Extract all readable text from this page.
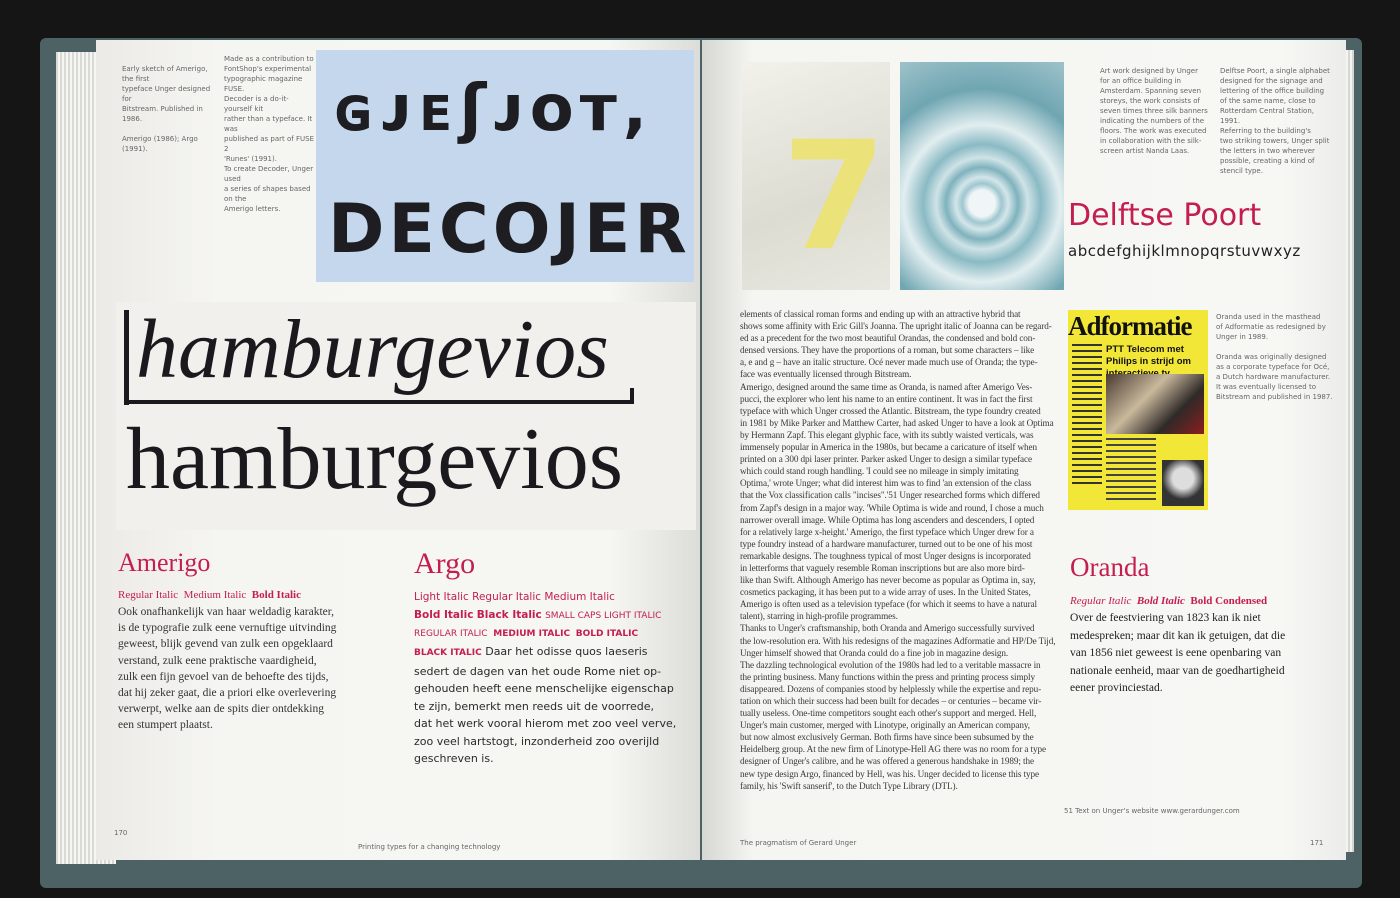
Early sketch of Amerigo, the first
typeface Unger designed for
Bitstream. Published in 1986.

Amerigo (1986); Argo (1991).
Made as a contribution to
FontShop's experimental
typographic magazine FUSE.
Decoder is a do-it-yourself kit
rather than a typeface. It was
published as part of FUSE 2
'Runes' (1991).
To create Decoder, Unger used
a series of shapes based on the
Amerigo letters.
ɢᴊᴇʃᴊᴏᴛ,
DECOJER
hamburgevios
hamburgevios
Amerigo
Regular Italic Medium Italic Bold Italic
Ook onafhankelijk van haar weldadig karakter,
is de typografie zulk eene vernuftige uitvinding
geweest, blijk gevend van zulk een opgeklaard
verstand, zulk eene praktische vaardigheid,
zulk een fijn gevoel van de behoefte des tijds,
dat hij zeker gaat, die a priori elke overlevering
verwerpt, welke aan de spits dier ontdekking
een stumpert plaatst.
Argo
Light Italic Regular Italic Medium Italic
Bold Italic Black Italic SMALL CAPS LIGHT ITALIC
REGULAR ITALIC MEDIUM ITALIC BOLD ITALIC
BLACK ITALIC Daar het odisse quos laeseris
sedert de dagen van het oude Rome niet op-
gehouden heeft eene menschelijke eigenschap
te zijn, bemerkt men reeds uit de voorrede,
dat het werk vooral hierom met zoo veel verve,
zoo veel hartstogt, inzonderheid zoo overijld
geschreven is.
170
Printing types for a changing technology
7
Art work designed by Unger
for an office building in
Amsterdam. Spanning seven
storeys, the work consists of
seven times three silk banners
indicating the numbers of the
floors. The work was executed
in collaboration with the silk-
screen artist Nanda Laas.
Delftse Poort, a single alphabet
designed for the signage and
lettering of the office building
of the same name, close to
Rotterdam Central Station, 1991.
Referring to the building's
two striking towers, Unger split
the letters in two wherever
possible, creating a kind of
stencil type.
Delftse Poort
abcdefghijklmnopqrstuvwxyz
elements of classical roman forms and ending up with an attractive hybrid that
shows some affinity with Eric Gill's Joanna. The upright italic of Joanna can be regard-
ed as a precedent for the two most beautiful Orandas, the condensed and bold con-
densed versions. They have the proportions of a roman, but some characters – like
a, e and g – have an italic structure. Océ never made much use of Oranda; the type-
face was eventually licensed through Bitstream.
Amerigo, designed around the same time as Oranda, is named after Amerigo Ves-
pucci, the explorer who lent his name to an entire continent. It was in fact the first
typeface with which Unger crossed the Atlantic. Bitstream, the type foundry created
in 1981 by Mike Parker and Matthew Carter, had asked Unger to have a look at Optima
by Hermann Zapf. This elegant glyphic face, with its subtly waisted verticals, was
immensely popular in America in the 1980s, but became a caricature of itself when
printed on a 300 dpi laser printer. Parker asked Unger to design a similar typeface
which could stand rough handling. 'I could see no mileage in simply imitating
Optima,' wrote Unger; what did interest him was to find 'an extension of the class
that the Vox classification calls "incises".'51 Unger researched forms which differed
from Zapf's design in a major way. 'While Optima is wide and round, I chose a much
narrower overall image. While Optima has long ascenders and descenders, I opted
for a relatively large x-height.' Amerigo, the first typeface which Unger drew for a
type foundry instead of a hardware manufacturer, turned out to be one of his most
remarkable designs. The toughness typical of most Unger designs is incorporated
in letterforms that vaguely resemble Roman inscriptions but are also more bird-
like than Swift. Although Amerigo has never become as popular as Optima in, say,
cosmetics packaging, it has been put to a wide array of uses. In the United States,
Amerigo is often used as a television typeface (for which it seems to have a natural
talent), starring in high-profile programmes.
Thanks to Unger's craftsmanship, both Oranda and Amerigo successfully survived
the low-resolution era. With his redesigns of the magazines Adformatie and HP/De Tijd,
Unger himself showed that Oranda could do a fine job in magazine design.
The dazzling technological evolution of the 1980s had led to a veritable massacre in
the printing business. Many functions within the press and printing process simply
disappeared. Dozens of companies stood by helplessly while the expertise and repu-
tation on which their success had been built for decades – or centuries – became vir-
tually useless. One-time competitors sought each other's support and merged. Hell,
Unger's main customer, merged with Linotype, originally an American company,
but now almost exclusively German. Both firms have since been subsumed by the
Heidelberg group. At the new firm of Linotype-Hell AG there was no room for a type
designer of Unger's calibre, and he was offered a generous handshake in 1989; the
new type design Argo, financed by Hell, was his. Unger decided to license this type
family, his 'Swift sanserif', to the Dutch Type Library (DTL).
Adformatie
PTT Telecom met Philips in strijd om
Oranda used in the masthead
of Adformatie as redesigned by
Unger in 1989.

Oranda was originally designed
as a corporate typeface for Océ,
a Dutch hardware manufacturer.
It was eventually licensed to
Bitstream and published in 1987.
Oranda
Regular Italic Bold Italic Bold Condensed
Over de feestviering van 1823 kan ik niet
medespreken; maar dit kan ik getuigen, dat die
van 1856 niet geweest is eene openbaring van
nationale eenheid, maar van de goedhartigheid
eener provinciestad.
51 Text on Unger's website www.gerardunger.com
The pragmatism of Gerard Unger	171
